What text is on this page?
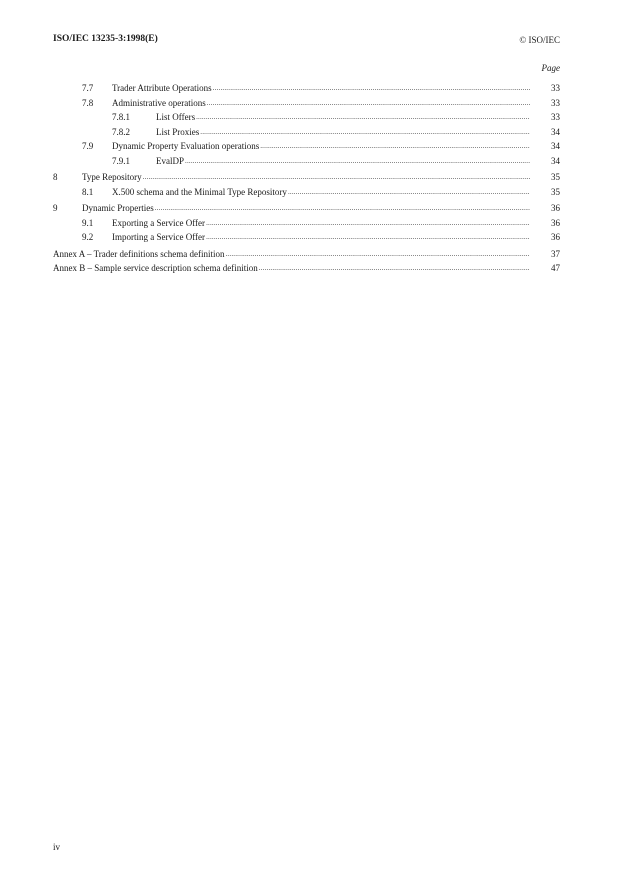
ISO/IEC 13235-3:1998(E)	© ISO/IEC
Page
7.7 Trader Attribute Operations .....	33
7.8 Administrative operations .....	33
7.8.1	List Offers .....	33
7.8.2	List Proxies .....	34
7.9 Dynamic Property Evaluation operations .....	34
7.9.1	EvalDP .....	34
8	Type Repository .....	35
8.1 X.500 schema and the Minimal Type Repository .....	35
9	Dynamic Properties .....	36
9.1 Exporting a Service Offer .....	36
9.2 Importing a Service Offer .....	36
Annex A – Trader definitions schema definition .....	37
Annex B – Sample service description schema definition .....	47
iv
